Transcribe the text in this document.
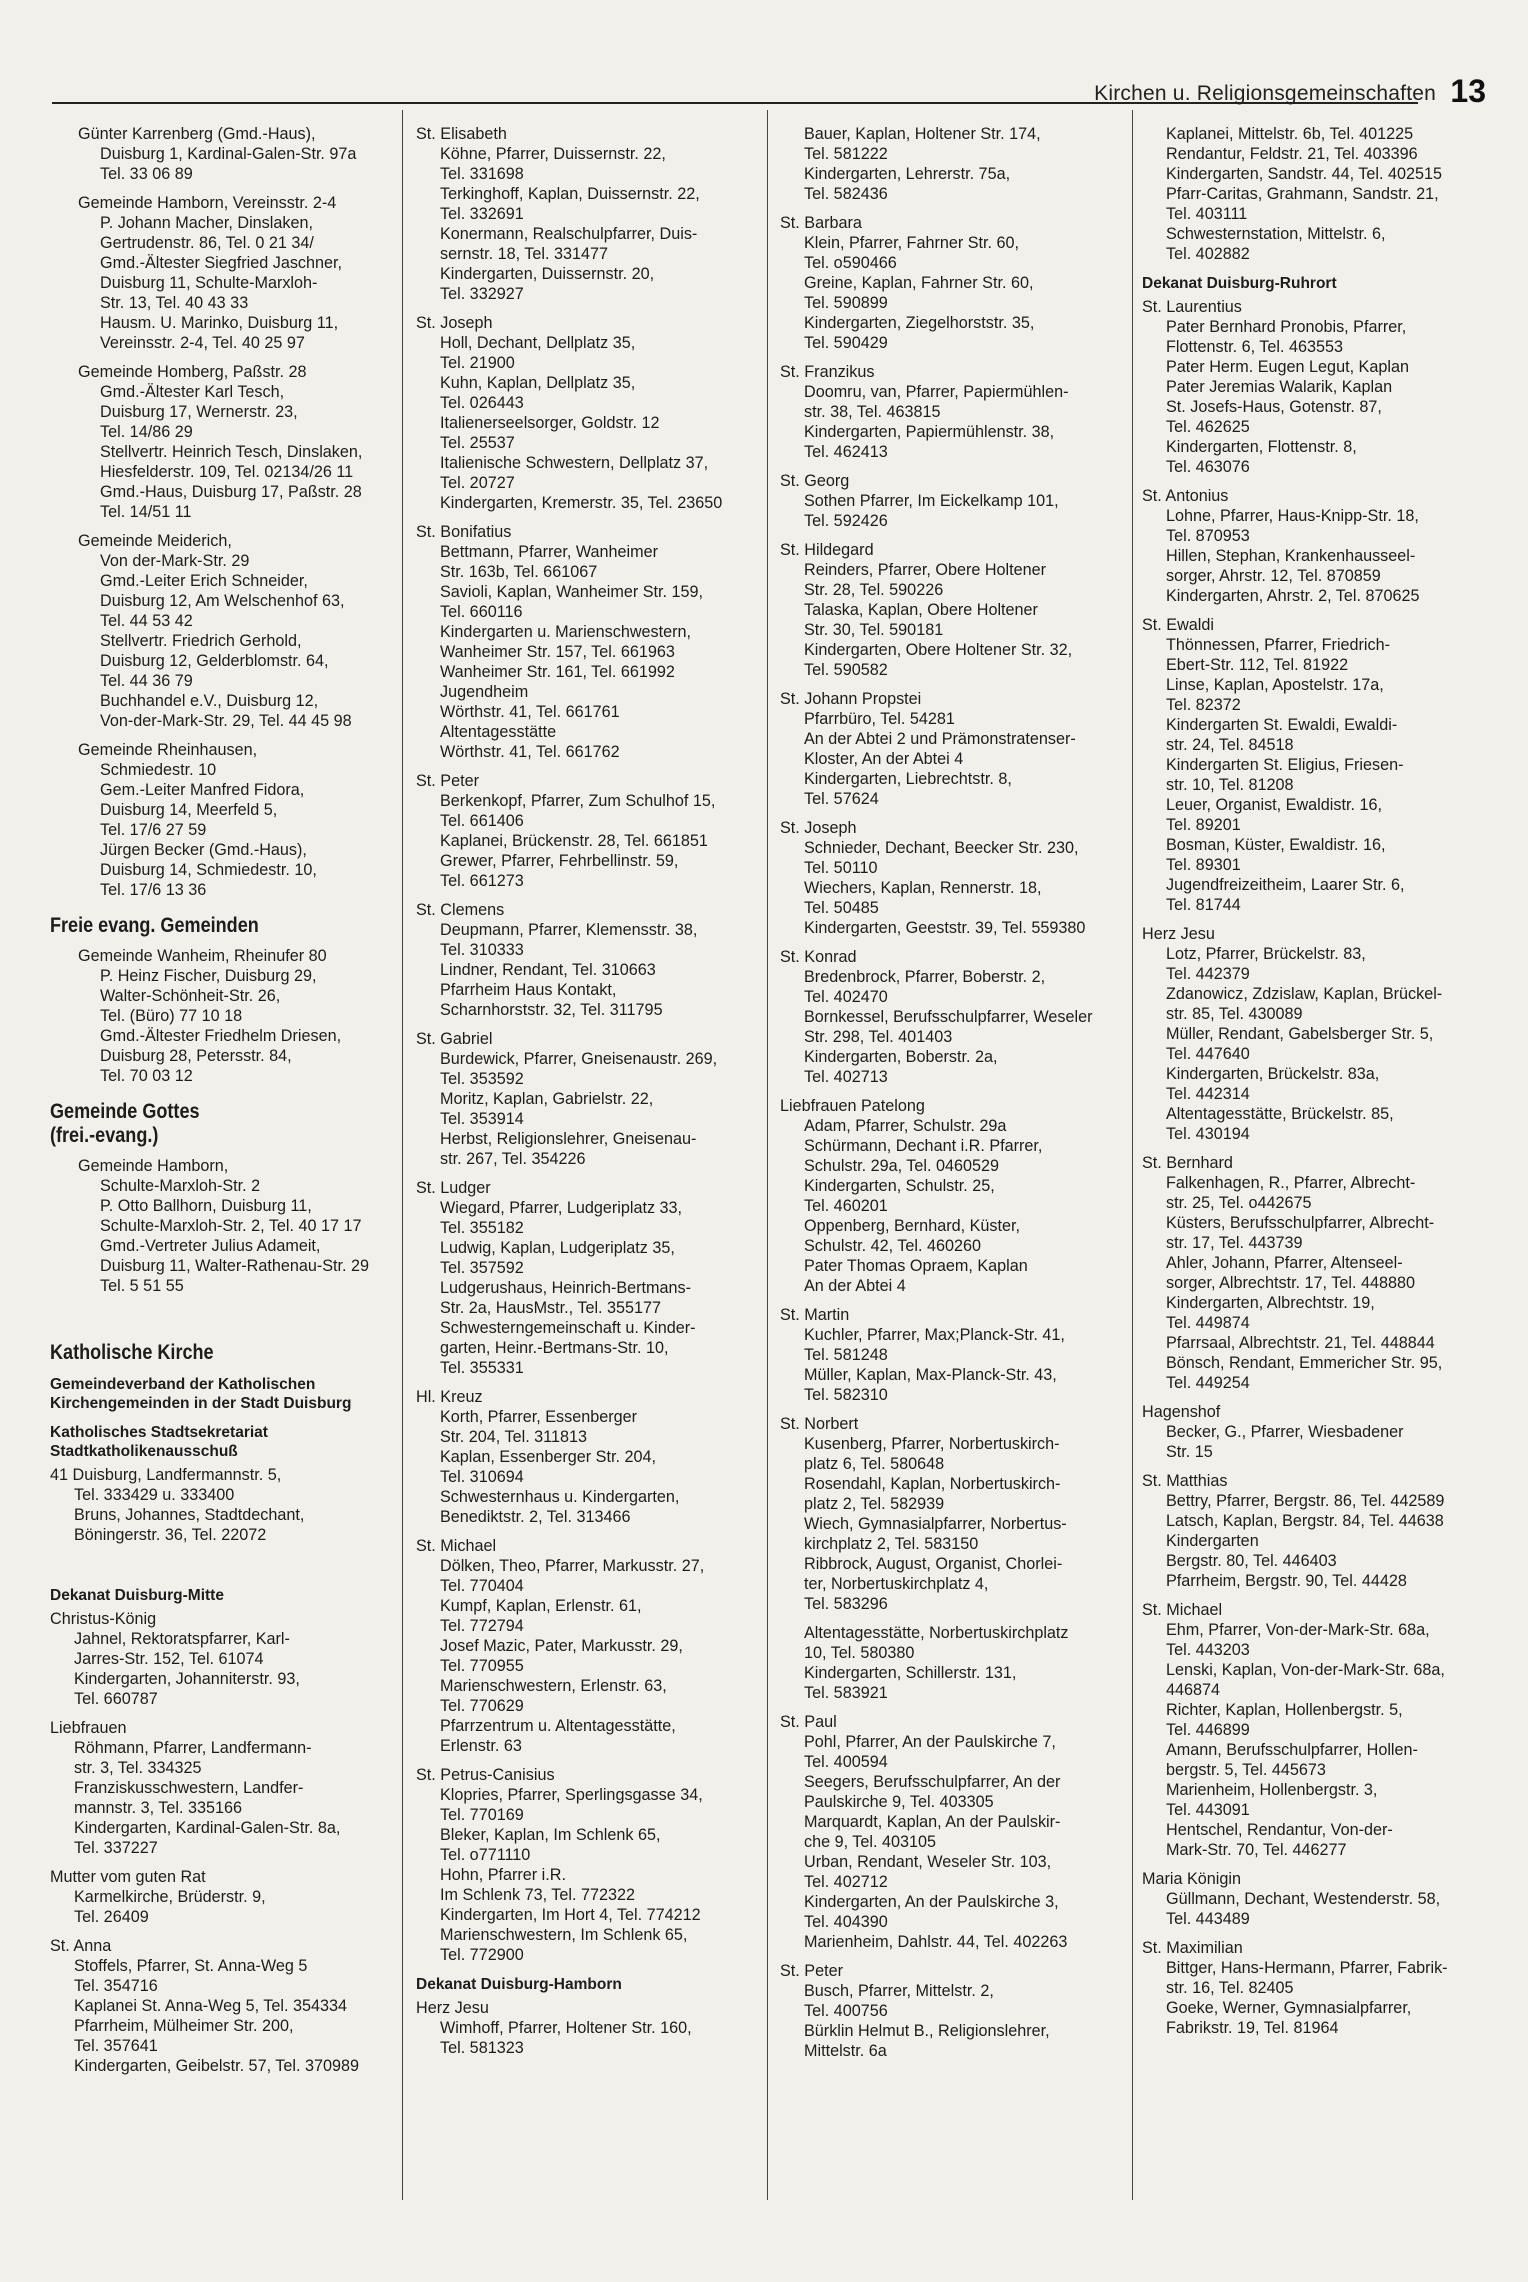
Kirchen u. Religionsgemeinschaften 13
Günter Karrenberg (Gmd.-Haus),
Duisburg 1, Kardinal-Galen-Str. 97a
Tel. 33 06 89
Gemeinde Hamborn, Vereinsstr. 2-4
P. Johann Macher, Dinslaken,
Gertrudenstr. 86, Tel. 0 21 34/
Gmd.-Ältester Siegfried Jaschner,
Duisburg 11, Schulte-Marxloh-
Str. 13, Tel. 40 43 33
Hausm. U. Marinko, Duisburg 11,
Vereinsstr. 2-4, Tel. 40 25 97
Gemeinde Homberg, Paßstr. 28
Gmd.-Ältester Karl Tesch,
Duisburg 17, Wernerstr. 23,
Tel. 14/86 29
Stellvertr. Heinrich Tesch, Dinslaken,
Hiesfelderstr. 109, Tel. 02134/26 11
Gmd.-Haus, Duisburg 17, Paßstr. 28
Tel. 14/51 11
Gemeinde Meiderich,
Von der-Mark-Str. 29
Gmd.-Leiter Erich Schneider,
Duisburg 12, Am Welschenhof 63,
Tel. 44 53 42
Stellvertr. Friedrich Gerhold,
Duisburg 12, Gelderblomstr. 64,
Tel. 44 36 79
Buchhandel e.V., Duisburg 12,
Von-der-Mark-Str. 29, Tel. 44 45 98
Gemeinde Rheinhausen,
Schmiedestr. 10
Gem.-Leiter Manfred Fidora,
Duisburg 14, Meerfeld 5,
Tel. 17/6 27 59
Jürgen Becker (Gmd.-Haus),
Duisburg 14, Schmiedestr. 10,
Tel. 17/6 13 36
Freie evang. Gemeinden
Gemeinde Wanheim, Rheinufer 80
P. Heinz Fischer, Duisburg 29,
Walter-Schönheit-Str. 26,
Tel. (Büro) 77 10 18
Gmd.-Ältester Friedhelm Driesen,
Duisburg 28, Petersstr. 84,
Tel. 70 03 12
Gemeinde Gottes
(frei.-evang.)
Gemeinde Hamborn,
Schulte-Marxloh-Str. 2
P. Otto Ballhorn, Duisburg 11,
Schulte-Marxloh-Str. 2, Tel. 40 17 17
Gmd.-Vertreter Julius Adameit,
Duisburg 11, Walter-Rathenau-Str. 29
Tel. 5 51 55
Katholische Kirche
Gemeindeverband der Katholischen
Kirchengemeinden in der Stadt Duisburg
Katholisches Stadtsekretariat
Stadtkatholikenausschuß
41 Duisburg, Landfermannstr. 5,
Tel. 333429 u. 333400
Bruns, Johannes, Stadtdechant,
Böningerstr. 36, Tel. 22072
Dekanat Duisburg-Mitte
Christus-König
Jahnel, Rektoratspfarrer, Karl-
Jarres-Str. 152, Tel. 61074
Kindergarten, Johanniterstr. 93,
Tel. 660787
Liebfrauen
Röhmann, Pfarrer, Landfermann-
str. 3, Tel. 334325
Franziskusschwestern, Landfer-
mannstr. 3, Tel. 335166
Kindergarten, Kardinal-Galen-Str. 8a,
Tel. 337227
Mutter vom guten Rat
Karmelkirche, Brüderstr. 9,
Tel. 26409
St. Anna
Stoffels, Pfarrer, St. Anna-Weg 5
Tel. 354716
Kaplanei St. Anna-Weg 5, Tel. 354334
Pfarrheim, Mülheimer Str. 200,
Tel. 357641
Kindergarten, Geibelstr. 57, Tel. 370989
St. Elisabeth
Köhne, Pfarrer, Duissernstr. 22,
Tel. 331698
Terkinghoff, Kaplan, Duissernstr. 22,
Tel. 332691
Konermann, Realschulpfarrer, Duis-
sernstr. 18, Tel. 331477
Kindergarten, Duissernstr. 20,
Tel. 332927
St. Joseph
Holl, Dechant, Dellplatz 35,
Tel. 21900
Kuhn, Kaplan, Dellplatz 35,
Tel. 026443
Italienerseelsorger, Goldstr. 12
Tel. 25537
Italienische Schwestern, Dellplatz 37,
Tel. 20727
Kindergarten, Kremerstr. 35, Tel. 23650
St. Bonifatius
Bettmann, Pfarrer, Wanheimer
Str. 163b, Tel. 661067
Savioli, Kaplan, Wanheimer Str. 159,
Tel. 660116
Kindergarten u. Marienschwestern,
Wanheimer Str. 157, Tel. 661963
Wanheimer Str. 161, Tel. 661992
Jugendheim
Wörthstr. 41, Tel. 661761
Altentagesstätte
Wörthstr. 41, Tel. 661762
St. Peter
Berkenkopf, Pfarrer, Zum Schulhof 15,
Tel. 661406
Kaplanei, Brückenstr. 28, Tel. 661851
Grewer, Pfarrer, Fehrbellinstr. 59,
Tel. 661273
St. Clemens
Deupmann, Pfarrer, Klemensstr. 38,
Tel. 310333
Lindner, Rendant, Tel. 310663
Pfarrheim Haus Kontakt,
Scharnhorststr. 32, Tel. 311795
St. Gabriel
Burdewick, Pfarrer, Gneisenaustr. 269,
Tel. 353592
Moritz, Kaplan, Gabrielstr. 22,
Tel. 353914
Herbst, Religionslehrer, Gneisenau-
str. 267, Tel. 354226
St. Ludger
Wiegard, Pfarrer, Ludgeriplatz 33,
Tel. 355182
Ludwig, Kaplan, Ludgeriplatz 35,
Tel. 357592
Ludgerushaus, Heinrich-Bertmans-
Str. 2a, HausMstr., Tel. 355177
Schwesterngemeinschaft u. Kinder-
garten, Heinr.-Bertmans-Str. 10,
Tel. 355331
Hl. Kreuz
Korth, Pfarrer, Essenberger
Str. 204, Tel. 311813
Kaplan, Essenberger Str. 204,
Tel. 310694
Schwesternhaus u. Kindergarten,
Benediktstr. 2, Tel. 313466
St. Michael
Dölken, Theo, Pfarrer, Markusstr. 27,
Tel. 770404
Kumpf, Kaplan, Erlenstr. 61,
Tel. 772794
Josef Mazic, Pater, Markusstr. 29,
Tel. 770955
Marienschwestern, Erlenstr. 63,
Tel. 770629
Pfarrzentrum u. Altentagesstätte,
Erlenstr. 63
St. Petrus-Canisius
Klopries, Pfarrer, Sperlingsgasse 34,
Tel. 770169
Bleker, Kaplan, Im Schlenk 65,
Tel. o771110
Hohn, Pfarrer i.R.
Im Schlenk 73, Tel. 772322
Kindergarten, Im Hort 4, Tel. 774212
Marienschwestern, Im Schlenk 65,
Tel. 772900
Dekanat Duisburg-Hamborn
Herz Jesu
Wimhoff, Pfarrer, Holtener Str. 160,
Tel. 581323
Bauer, Kaplan, Holtener Str. 174,
Tel. 581222
Kindergarten, Lehrerstr. 75a,
Tel. 582436
St. Barbara
Klein, Pfarrer, Fahrner Str. 60,
Tel. o590466
Greine, Kaplan, Fahrner Str. 60,
Tel. 590899
Kindergarten, Ziegelhorststr. 35,
Tel. 590429
St. Franzikus
Doomru, van, Pfarrer, Papiermühlen-
str. 38, Tel. 463815
Kindergarten, Papiermühlenstr. 38,
Tel. 462413
St. Georg
Sothen Pfarrer, Im Eickelkamp 101,
Tel. 592426
St. Hildegard
Reinders, Pfarrer, Obere Holtener
Str. 28, Tel. 590226
Talaska, Kaplan, Obere Holtener
Str. 30, Tel. 590181
Kindergarten, Obere Holtener Str. 32,
Tel. 590582
St. Johann Propstei
Pfarrbüro, Tel. 54281
An der Abtei 2 und Prämonstratenser-
Kloster, An der Abtei 4
Kindergarten, Liebrechtstr. 8,
Tel. 57624
St. Joseph
Schnieder, Dechant, Beecker Str. 230,
Tel. 50110
Wiechers, Kaplan, Rennerstr. 18,
Tel. 50485
Kindergarten, Geeststr. 39, Tel. 559380
St. Konrad
Bredenbrock, Pfarrer, Boberstr. 2,
Tel. 402470
Bornkessel, Berufsschulpfarrer, Weseler
Str. 298, Tel. 401403
Kindergarten, Boberstr. 2a,
Tel. 402713
Liebfrauen Patelong
Adam, Pfarrer, Schulstr. 29a
Schürmann, Dechant i.R. Pfarrer,
Schulstr. 29a, Tel. 0460529
Kindergarten, Schulstr. 25,
Tel. 460201
Oppenberg, Bernhard, Küster,
Schulstr. 42, Tel. 460260
Pater Thomas Opraem, Kaplan
An der Abtei 4
St. Martin
Kuchler, Pfarrer, Max;Planck-Str. 41,
Tel. 581248
Müller, Kaplan, Max-Planck-Str. 43,
Tel. 582310
St. Norbert
Kusenberg, Pfarrer, Norbertuskirch-
platz 6, Tel. 580648
Rosendahl, Kaplan, Norbertuskirch-
platz 2, Tel. 582939
Wiech, Gymnasialpfarrer, Norbertus-
kirchplatz 2, Tel. 583150
Ribbrock, August, Organist, Chorlei-
ter, Norbertuskirchplatz 4,
Tel. 583296
Altentagesstätte, Norbertuskirchplatz
10, Tel. 580380
Kindergarten, Schillerstr. 131,
Tel. 583921
St. Paul
Pohl, Pfarrer, An der Paulskirche 7,
Tel. 400594
Seegers, Berufsschulpfarrer, An der
Paulskirche 9, Tel. 403305
Marquardt, Kaplan, An der Paulskir-
che 9, Tel. 403105
Urban, Rendant, Weseler Str. 103,
Tel. 402712
Kindergarten, An der Paulskirche 3,
Tel. 404390
Marienheim, Dahlstr. 44, Tel. 402263
St. Peter
Busch, Pfarrer, Mittelstr. 2,
Tel. 400756
Bürklin Helmut B., Religionslehrer,
Mittelstr. 6a
Kaplanei, Mittelstr. 6b, Tel. 401225
Rendantur, Feldstr. 21, Tel. 403396
Kindergarten, Sandstr. 44, Tel. 402515
Pfarr-Caritas, Grahmann, Sandstr. 21,
Tel. 403111
Schwesternstation, Mittelstr. 6,
Tel. 402882
Dekanat Duisburg-Ruhrort
St. Laurentius
Pater Bernhard Pronobis, Pfarrer,
Flottenstr. 6, Tel. 463553
Pater Herm. Eugen Legut, Kaplan
Pater Jeremias Walarik, Kaplan
St. Josefs-Haus, Gotenstr. 87,
Tel. 462625
Kindergarten, Flottenstr. 8,
Tel. 463076
St. Antonius
Lohne, Pfarrer, Haus-Knipp-Str. 18,
Tel. 870953
Hillen, Stephan, Krankenhausseel-
sorger, Ahrstr. 12, Tel. 870859
Kindergarten, Ahrstr. 2, Tel. 870625
St. Ewaldi
Thönnessen, Pfarrer, Friedrich-
Ebert-Str. 112, Tel. 81922
Linse, Kaplan, Apostelstr. 17a,
Tel. 82372
Kindergarten St. Ewaldi, Ewaldi-
str. 24, Tel. 84518
Kindergarten St. Eligius, Friesen-
str. 10, Tel. 81208
Leuer, Organist, Ewaldistr. 16,
Tel. 89201
Bosman, Küster, Ewaldistr. 16,
Tel. 89301
Jugendfreizeitheim, Laarer Str. 6,
Tel. 81744
Herz Jesu
Lotz, Pfarrer, Brückelstr. 83,
Tel. 442379
Zdanowicz, Zdzislaw, Kaplan, Brückel-
str. 85, Tel. 430089
Müller, Rendant, Gabelsberger Str. 5,
Tel. 447640
Kindergarten, Brückelstr. 83a,
Tel. 442314
Altentagesstätte, Brückelstr. 85,
Tel. 430194
St. Bernhard
Falkenhagen, R., Pfarrer, Albrecht-
str. 25, Tel. o442675
Küsters, Berufsschulpfarrer, Albrecht-
str. 17, Tel. 443739
Ahler, Johann, Pfarrer, Altenseel-
sorger, Albrechtstr. 17, Tel. 448880
Kindergarten, Albrechtstr. 19,
Tel. 449874
Pfarrsaal, Albrechtstr. 21, Tel. 448844
Bönsch, Rendant, Emmericher Str. 95,
Tel. 449254
Hagenshof
Becker, G., Pfarrer, Wiesbadener
Str. 15
St. Matthias
Bettry, Pfarrer, Bergstr. 86, Tel. 442589
Latsch, Kaplan, Bergstr. 84, Tel. 44638
Kindergarten
Bergstr. 80, Tel. 446403
Pfarrheim, Bergstr. 90, Tel. 44428
St. Michael
Ehm, Pfarrer, Von-der-Mark-Str. 68a,
Tel. 443203
Lenski, Kaplan, Von-der-Mark-Str. 68a,
446874
Richter, Kaplan, Hollenbergstr. 5,
Tel. 446899
Amann, Berufsschulpfarrer, Hollen-
bergstr. 5, Tel. 445673
Marienheim, Hollenbergstr. 3,
Tel. 443091
Hentschel, Rendantur, Von-der-
Mark-Str. 70, Tel. 446277
Maria Königin
Güllmann, Dechant, Westenderstr. 58,
Tel. 443489
St. Maximilian
Bittger, Hans-Hermann, Pfarrer, Fabrik-
str. 16, Tel. 82405
Goeke, Werner, Gymnasialpfarrer,
Fabrikstr. 19, Tel. 81964
